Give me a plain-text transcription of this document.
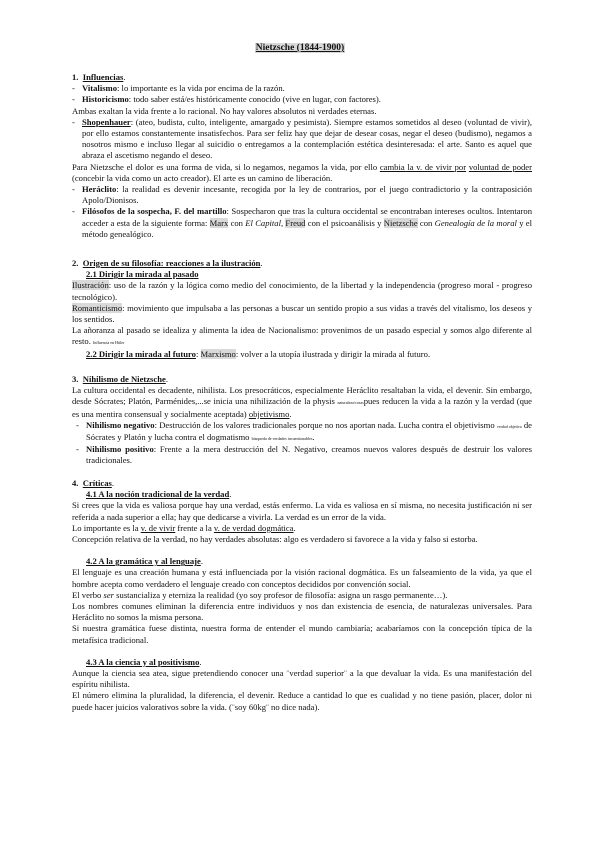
Nietzsche (1844-1900)

1. Influencias.

- Vitalismo: lo importante es la vida por encima de la razón.

- Historicismo: todo saber está/es históricamente conocido (vive en lugar, con factores).

Ambas exaltan la vida frente a lo racional. No hay valores absolutos ni verdades eternas.

- Shopenhauer: (ateo, budista, culto, inteligente, amargado y pesimista). Siempre estamos sometidos al deseo (voluntad de vivir), por ello estamos constantemente insatisfechos. Para ser feliz hay que dejar de desear cosas, negar el deseo (budismo), negamos a nosotros mismo e incluso llegar al suicidio o entregamos a la contemplación estética desinteresada: el arte. Santo es aquel que abraza el ascetismo negando el deseo.

Para Nietzsche el dolor es una forma de vida, si lo negamos, negamos la vida, por ello cambia la v. de vivir por voluntad de poder (concebir la vida como un acto creador). El arte es un camino de liberación.

- Heráclito: la realidad es devenir incesante, recogida por la ley de contrarios, por el juego contradictorio y la contraposición Apolo/Dionisos.

- Filósofos de la sospecha, F. del martillo: Sospecharon que tras la cultura occidental se encontraban intereses ocultos. Intentaron acceder a esta de la siguiente forma: Marx con El Capital, Freud con el psicoanálisis y Nietzsche con Genealogía de la moral y el método genealógico.

2. Origen de su filosofía: reacciones a la ilustración.

2.1 Dirigir la mirada al pasado

Ilustración: uso de la razón y la lógica como medio del conocimiento, de la libertad y la independencia (progreso moral - progreso tecnológico).

Romanticismo: movimiento que impulsaba a las personas a buscar un sentido propio a sus vidas a través del vitalismo, los deseos y los sentidos.

La añoranza al pasado se idealiza y alimenta la idea de Nacionalismo: provenimos de un pasado especial y somos algo diferente al resto. Influencia en Hitler

2.2 Dirigir la mirada al futuro: Marxismo: volver a la utopía ilustrada y dirigir la mirada al futuro.

3. Nihilismo de Nietzsche.

La cultura occidental es decadente, nihilista. Los presocráticos, especialmente Heráclito resaltaban la vida, el devenir. Sin embargo, desde Sócrates; Platón, Parménides,...se inicia una nihilización de la physis naturaleza/cosaspues reducen la vida a la razón y la verdad (que es una mentira consensual y socialmente aceptada) objetivismo.

- Nihilismo negativo: Destrucción de los valores tradicionales porque no nos aportan nada. Lucha contra el objetivismo verdad objetiva de Sócrates y Platón y lucha contra el dogmatismo búsqueda de verdades incuestionables.

- Nihilismo positivo: Frente a la mera destrucción del N. Negativo, creamos nuevos valores después de destruir los valores tradicionales.

4. Críticas.

4.1 A la noción tradicional de la verdad.

Si crees que la vida es valiosa porque hay una verdad, estás enfermo. La vida es valiosa en sí misma, no necesita justificación ni ser referida a nada superior a ella; hay que dedicarse a vivirla. La verdad es un error de la vida.

Lo importante es la v. de vivir frente a la v. de verdad dogmática.

Concepción relativa de la verdad, no hay verdades absolutas: algo es verdadero si favorece a la vida y falso si estorba.

4.2 A la gramática y al lenguaje.

El lenguaje es una creación humana y está influenciada por la visión racional dogmática. Es un falseamiento de la vida, ya que el hombre acepta como verdadero el lenguaje creado con conceptos decididos por convención social.

El verbo ser sustancializa y eterniza la realidad (yo soy profesor de filosofía: asigna un rasgo permanente…).

Los nombres comunes eliminan la diferencia entre individuos y nos dan existencia de esencia, de naturalezas universales. Para Heráclito no somos la misma persona.

Si nuestra gramática fuese distinta, nuestra forma de entender el mundo cambiaría; acabaríamos con la concepción típica de la metafísica tradicional.

4.3 A la ciencia y al positivismo.

Aunque la ciencia sea atea, sigue pretendiendo conocer una ¨verdad superior¨ a la que devaluar la vida. Es una manifestación del espíritu nihilista.

El número elimina la pluralidad, la diferencia, el devenir. Reduce a cantidad lo que es cualidad y no tiene pasión, placer, dolor ni puede hacer juicios valorativos sobre la vida. (¨soy 60kg¨ no dice nada).
